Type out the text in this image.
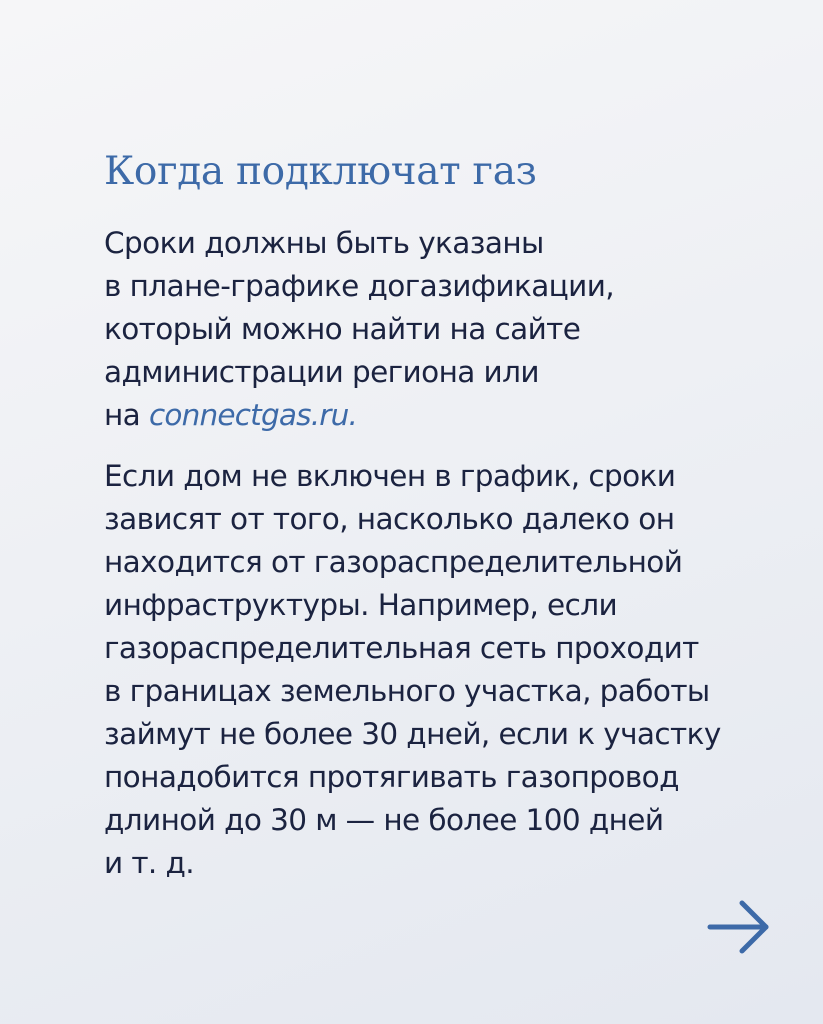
Когда подключат газ

Сроки должны быть указаны
в плане-графике догазификации,
который можно найти на сайте
администрации региона или
на connectgas.ru.

Если дом не включен в график, сроки
зависят от того, насколько далеко он
находится от газораспределительной
инфраструктуры. Например, если
газораспределительная сеть проходит
в границах земельного участка, работы
займут не более 30 дней, если к участку
понадобится протягивать газопровод
длиной до 30 м — не более 100 дней
и т. д.
